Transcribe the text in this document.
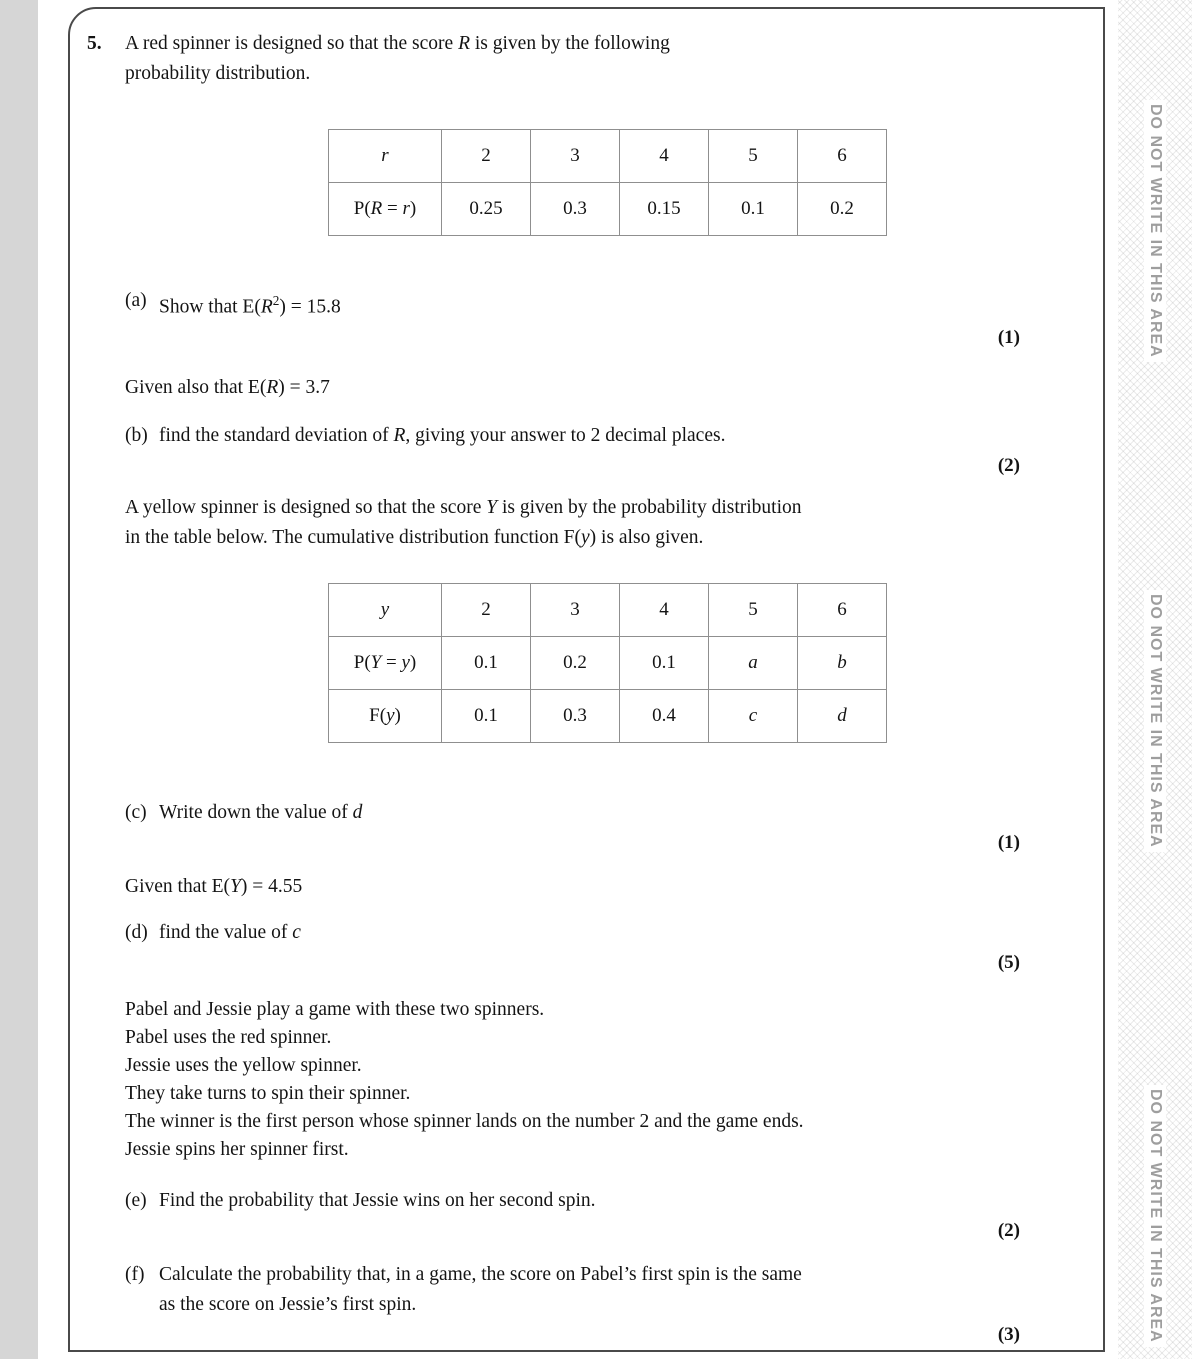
5. A red spinner is designed so that the score R is given by the following
probability distribution.
r	2	3	4	5	6
P(R = r)	0.25	0.3	0.15	0.1	0.2
(a) Show that $E(R^2) = 15.8$
(1)
Given also that E(R) = 3.7
(b) find the standard deviation of R, giving your answer to 2 decimal places.
(2)
A yellow spinner is designed so that the score Y is given by the probability distribution
in the table below. The cumulative distribution function F(y) is also given.
y	2	3	4	5	6
P(Y = y)	0.1	0.2	0.1	a	b
F(y)	0.1	0.3	0.4	c	d
(c) Write down the value of d
(1)
Given that E(Y) = 4.55
(d) find the value of c
(5)
Pabel and Jessie play a game with these two spinners.
Pabel uses the red spinner.
Jessie uses the yellow spinner.
They take turns to spin their spinner.
The winner is the first person whose spinner lands on the number 2 and the game ends.
Jessie spins her spinner first.
(e) Find the probability that Jessie wins on her second spin.
(2)
(f) Calculate the probability that, in a game, the score on Pabel’s first spin is the same
as the score on Jessie’s first spin.
(3)
DO NOT WRITE IN THIS AREA
DO NOT WRITE IN THIS AREA
DO NOT WRITE IN THIS AREA
